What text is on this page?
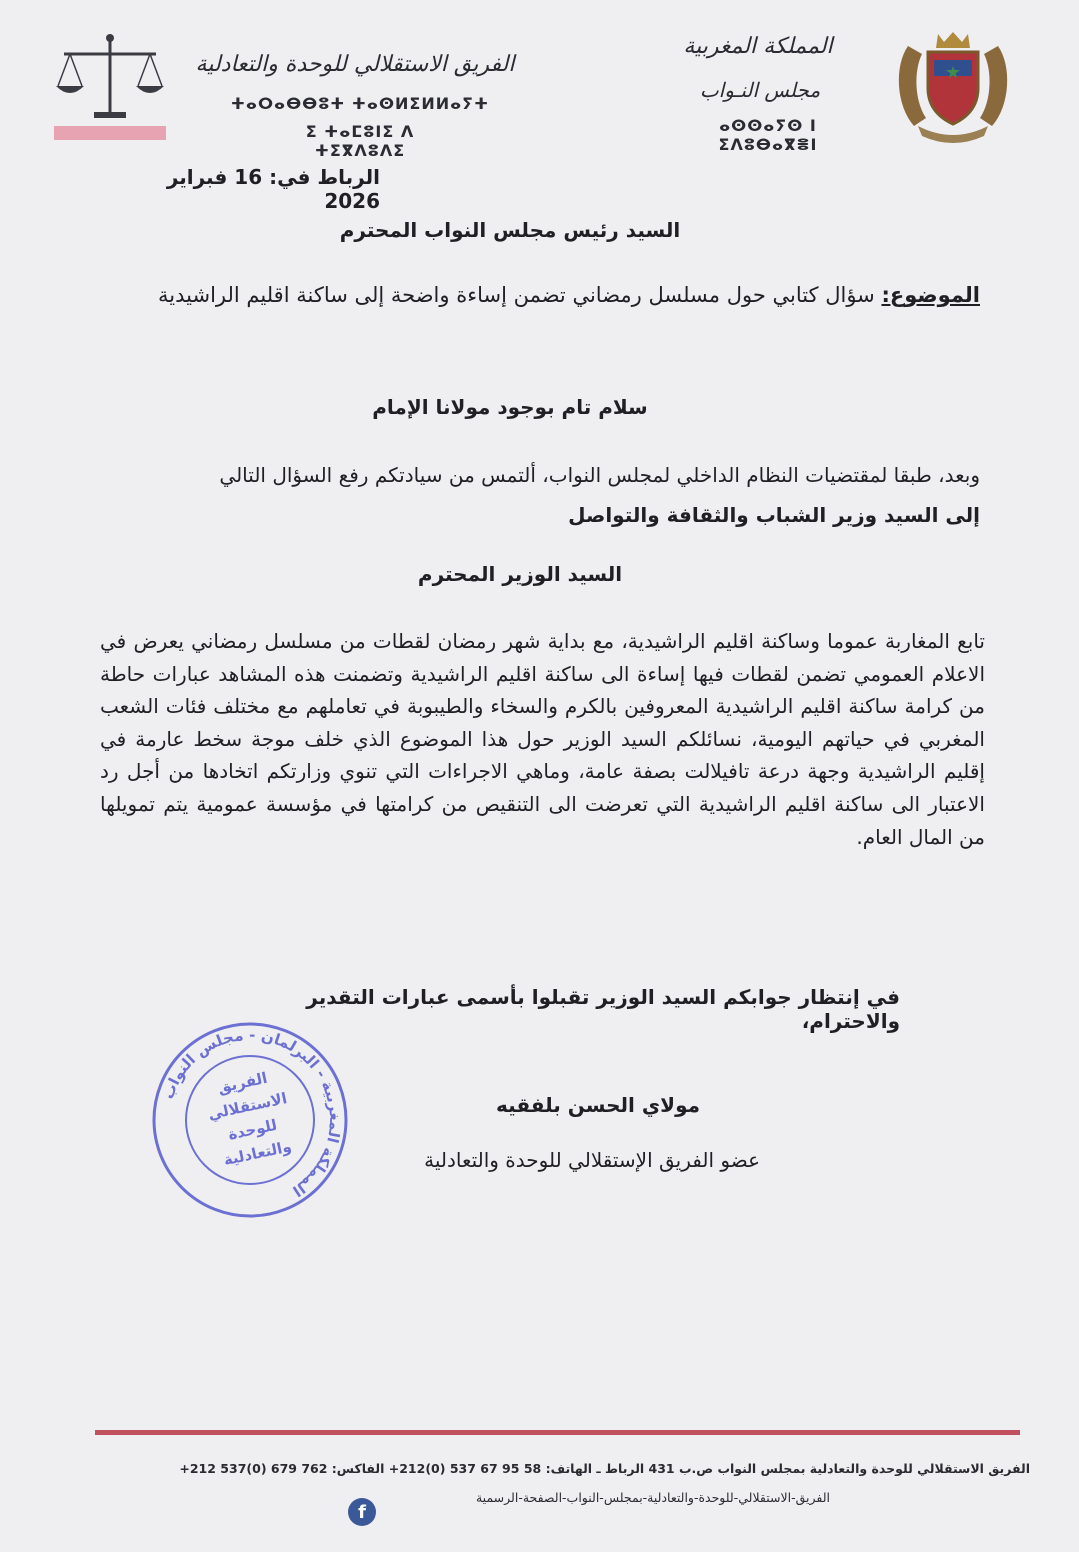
الفريق الاستقلالي للوحدة والتعادلية
ⵜⴰⵔⴰⴱⴱⵓⵜ ⵜⴰⵙⵍⵉⵍⵍⴰⵢⵜ
ⵉ ⵜⴰⵎⵓⵏⵉ ⴷ ⵜⵉⴳⴷⵓⴷⵉ
المملكة المغربية
مجلس النـواب
ⴰⵙⵙⴰⵢⵙ ⵏ ⵉⴷⵓⴱⴰⴳⴻⵏ
الرباط في: 16 فبراير 2026
السيد رئيس مجلس النواب المحترم
الموضوع: سؤال كتابي حول مسلسل رمضاني تضمن إساءة واضحة إلى ساكنة اقليم الراشيدية
سلام تام بوجود مولانا الإمام
وبعد، طبقا لمقتضيات النظام الداخلي لمجلس النواب، ألتمس من سيادتكم رفع السؤال التالي
إلى السيد وزير الشباب والثقافة والتواصل
السيد الوزير المحترم
تابع المغاربة عموما وساكنة اقليم الراشيدية، مع بداية شهر رمضان لقطات من مسلسل رمضاني يعرض في الاعلام العمومي تضمن لقطات فيها إساءة الى ساكنة اقليم الراشيدية وتضمنت هذه المشاهد عبارات حاطة من كرامة ساكنة اقليم الراشيدية المعروفين بالكرم والسخاء والطيبوبة في تعاملهم مع مختلف فئات الشعب المغربي في حياتهم اليومية، نسائلكم السيد الوزير حول هذا الموضوع الذي خلف موجة سخط عارمة في إقليم الراشيدية وجهة درعة تافيلالت بصفة عامة، وماهي الاجراءات التي تنوي وزارتكم اتخادها من أجل رد الاعتبار الى ساكنة اقليم الراشيدية التي تعرضت الى التنقيص من كرامتها في مؤسسة عمومية يتم تمويلها من المال العام.
في إنتظار جوابكم السيد الوزير تقبلوا بأسمى عبارات التقدير والاحترام،
مولاي الحسن بلفقيه
عضو الفريق الإستقلالي للوحدة والتعادلية
المملكة المغربية - البرلمان - مجلس النواب
الفريق
الاستقلالي
للوحدة
والتعادلية
الفريق الاستقلالي للوحدة والتعادلية بمجلس النواب ص.ب 431 الرباط ـ الهاتف: 58 95 67 537 (0)212+ الفاكس: 762 679 (0)537 212+
f
الفريق-الاستقلالي-للوحدة-والتعادلية-بمجلس-النواب-الصفحة-الرسمية
